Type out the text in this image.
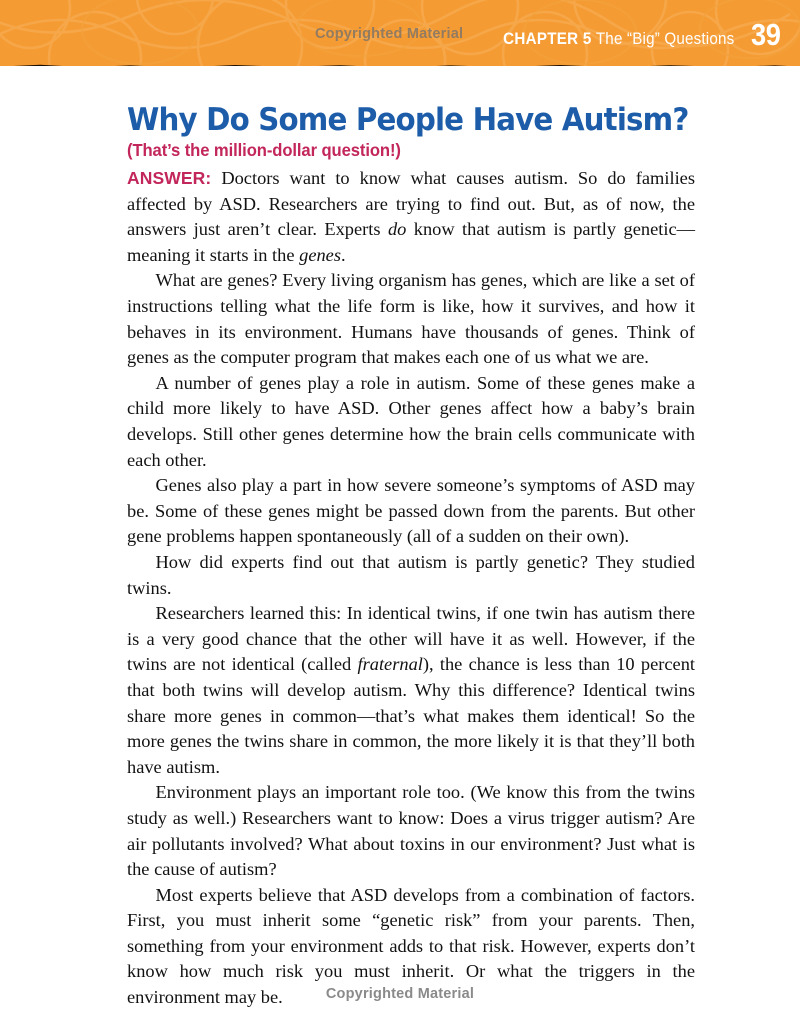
Copyrighted Material CHAPTER 5 The “Big” Questions 39
Why Do Some People Have Autism?
(That’s the million-dollar question!)

ANSWER: Doctors want to know what causes autism. So do families affected by ASD. Researchers are trying to find out. But, as of now, the answers just aren’t clear. Experts do know that autism is partly genetic—meaning it starts in the genes.

What are genes? Every living organism has genes, which are like a set of instructions telling what the life form is like, how it survives, and how it behaves in its environment. Humans have thousands of genes. Think of genes as the computer program that makes each one of us what we are.

A number of genes play a role in autism. Some of these genes make a child more likely to have ASD. Other genes affect how a baby’s brain develops. Still other genes determine how the brain cells communicate with each other.

Genes also play a part in how severe someone’s symptoms of ASD may be. Some of these genes might be passed down from the parents. But other gene problems happen spontaneously (all of a sudden on their own).

How did experts find out that autism is partly genetic? They studied twins.

Researchers learned this: In identical twins, if one twin has autism there is a very good chance that the other will have it as well. However, if the twins are not identical (called fraternal), the chance is less than 10 percent that both twins will develop autism. Why this difference? Identical twins share more genes in common—that’s what makes them identical! So the more genes the twins share in common, the more likely it is that they’ll both have autism.

Environment plays an important role too. (We know this from the twins study as well.) Researchers want to know: Does a virus trigger autism? Are air pollutants involved? What about toxins in our environment? Just what is the cause of autism?

Most experts believe that ASD develops from a combination of factors. First, you must inherit some “genetic risk” from your parents. Then, something from your environment adds to that risk. However, experts don’t know how much risk you must inherit. Or what the triggers in the environment may be.	Copyrighted Material
